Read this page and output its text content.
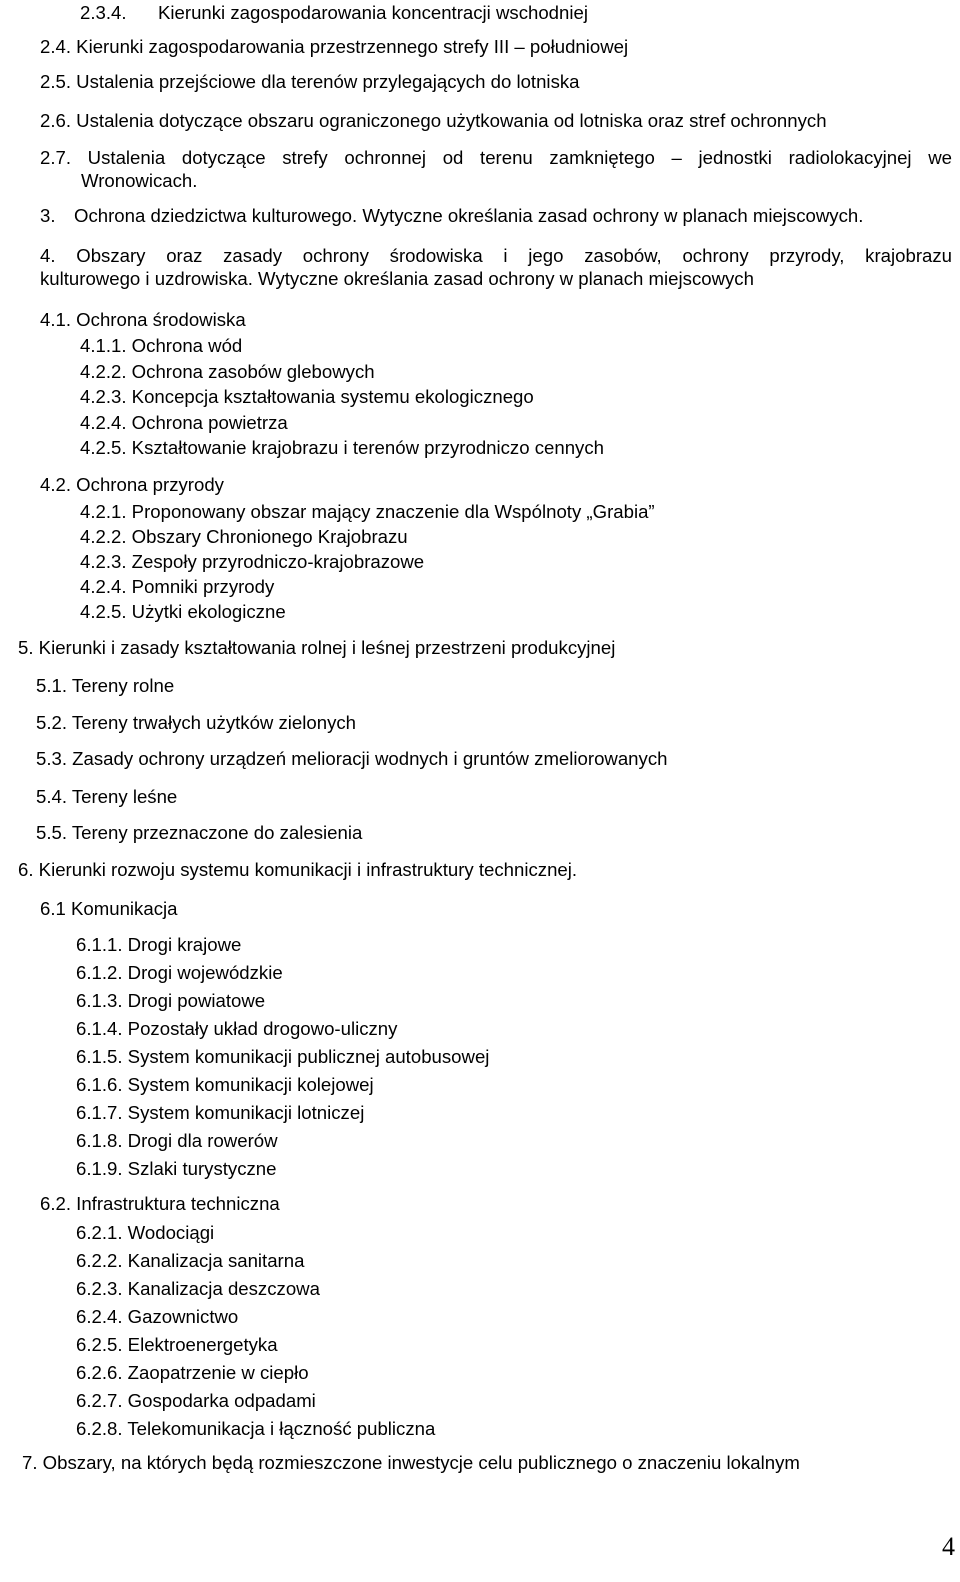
2.3.4. Kierunki zagospodarowania koncentracji wschodniej
2.4. Kierunki zagospodarowania przestrzennego strefy III – południowej
2.5. Ustalenia przejściowe dla terenów przylegających do lotniska
2.6. Ustalenia dotyczące obszaru ograniczonego użytkowania od lotniska oraz stref ochronnych
2.7. Ustalenia dotyczące strefy ochronnej od terenu zamkniętego – jednostki radiolokacyjnej we
Wronowicach.
3. Ochrona dziedzictwa kulturowego. Wytyczne określania zasad ochrony w planach miejscowych.
4. Obszary oraz zasady ochrony środowiska i jego zasobów, ochrony przyrody, krajobrazu
kulturowego i uzdrowiska. Wytyczne określania zasad ochrony w planach miejscowych
4.1. Ochrona środowiska
4.1.1. Ochrona wód
4.2.2. Ochrona zasobów glebowych
4.2.3. Koncepcja kształtowania systemu ekologicznego
4.2.4. Ochrona powietrza
4.2.5. Kształtowanie krajobrazu i terenów przyrodniczo cennych
4.2. Ochrona przyrody
4.2.1. Proponowany obszar mający znaczenie dla Wspólnoty „Grabia”
4.2.2. Obszary Chronionego Krajobrazu
4.2.3. Zespoły przyrodniczo-krajobrazowe
4.2.4. Pomniki przyrody
4.2.5. Użytki ekologiczne
5. Kierunki i zasady kształtowania rolnej i leśnej przestrzeni produkcyjnej
5.1. Tereny rolne
5.2. Tereny trwałych użytków zielonych
5.3. Zasady ochrony urządzeń melioracji wodnych i gruntów zmeliorowanych
5.4. Tereny leśne
5.5. Tereny przeznaczone do zalesienia
6. Kierunki rozwoju systemu komunikacji i infrastruktury technicznej.
6.1 Komunikacja
6.1.1. Drogi krajowe
6.1.2. Drogi wojewódzkie
6.1.3. Drogi powiatowe
6.1.4. Pozostały układ drogowo-uliczny
6.1.5. System komunikacji publicznej autobusowej
6.1.6. System komunikacji kolejowej
6.1.7. System komunikacji lotniczej
6.1.8. Drogi dla rowerów
6.1.9. Szlaki turystyczne
6.2. Infrastruktura techniczna
6.2.1. Wodociągi
6.2.2. Kanalizacja sanitarna
6.2.3. Kanalizacja deszczowa
6.2.4. Gazownictwo
6.2.5. Elektroenergetyka
6.2.6. Zaopatrzenie w ciepło
6.2.7. Gospodarka odpadami
6.2.8. Telekomunikacja i łączność publiczna
7. Obszary, na których będą rozmieszczone inwestycje celu publicznego o znaczeniu lokalnym
4
